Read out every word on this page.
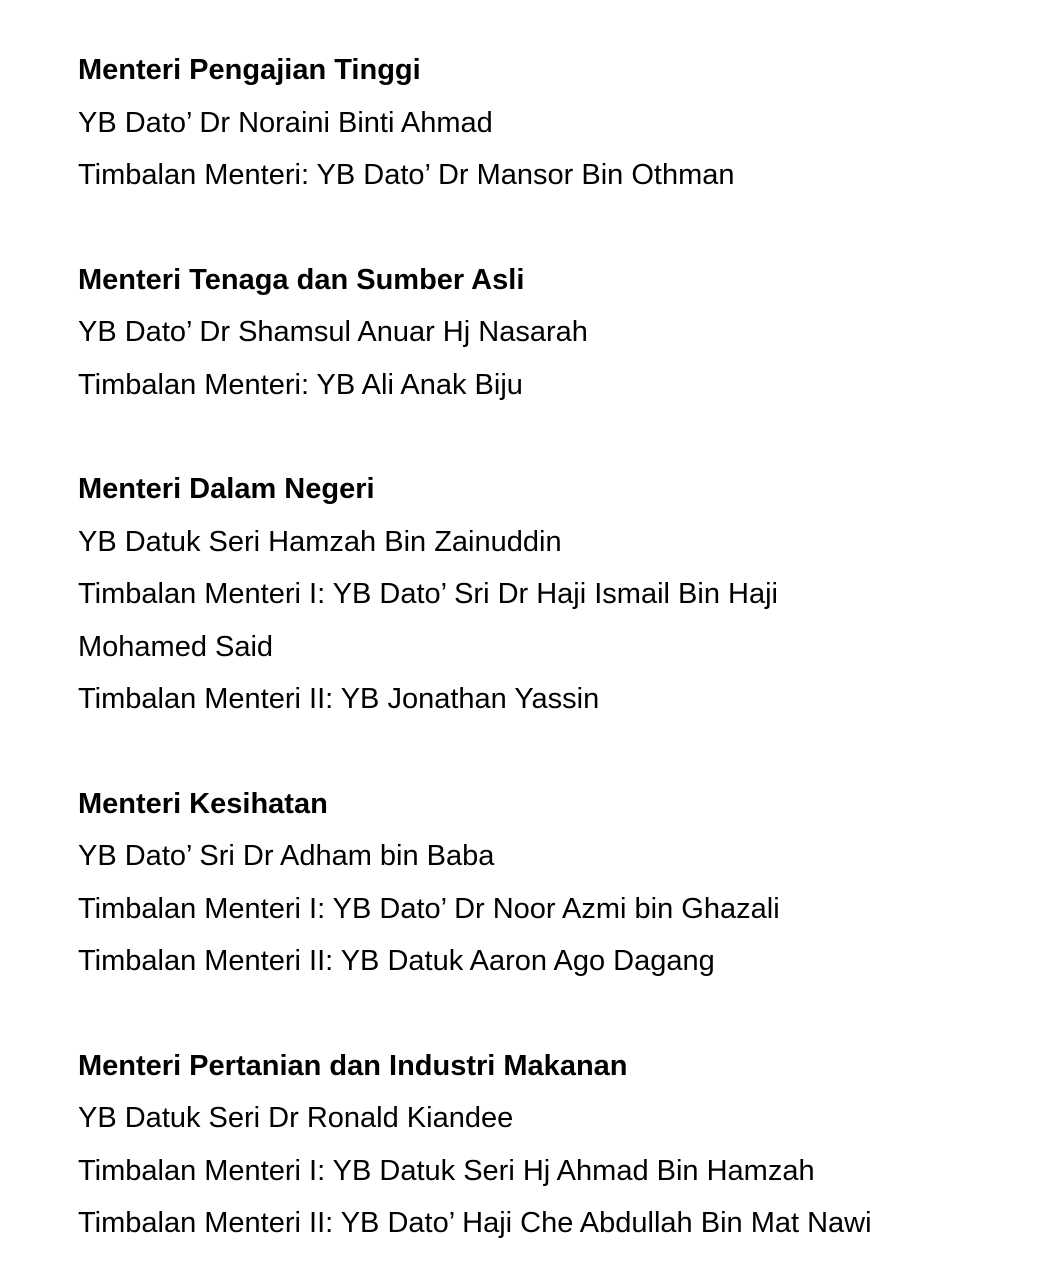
Menteri Pengajian Tinggi

YB Dato’ Dr Noraini Binti Ahmad

Timbalan Menteri: YB Dato’ Dr Mansor Bin Othman

Menteri Tenaga dan Sumber Asli

YB Dato’ Dr Shamsul Anuar Hj Nasarah

Timbalan Menteri: YB Ali Anak Biju

Menteri Dalam Negeri

YB Datuk Seri Hamzah Bin Zainuddin

Timbalan Menteri I: YB Dato’ Sri Dr Haji Ismail Bin Haji

Mohamed Said

Timbalan Menteri II: YB Jonathan Yassin

Menteri Kesihatan

YB Dato’ Sri Dr Adham bin Baba

Timbalan Menteri I: YB Dato’ Dr Noor Azmi bin Ghazali

Timbalan Menteri II: YB Datuk Aaron Ago Dagang

Menteri Pertanian dan Industri Makanan

YB Datuk Seri Dr Ronald Kiandee

Timbalan Menteri I: YB Datuk Seri Hj Ahmad Bin Hamzah

Timbalan Menteri II: YB Dato’ Haji Che Abdullah Bin Mat Nawi
